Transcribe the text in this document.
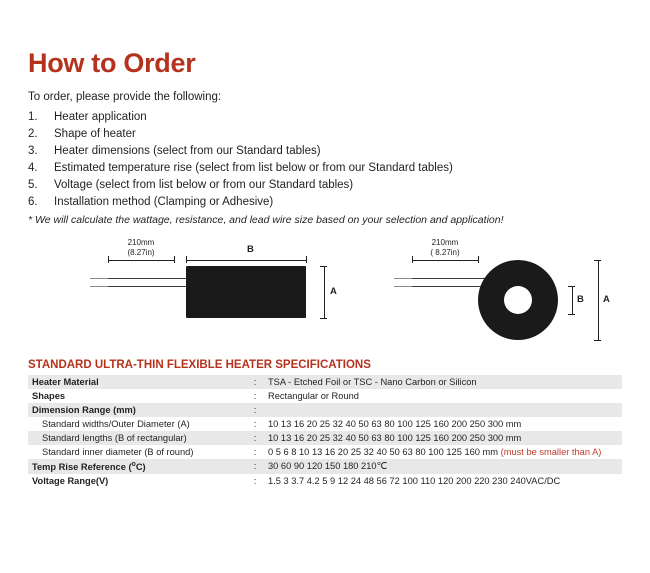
How to Order
To order, please provide the following:
1.	Heater application
2.	Shape of heater
3.	Heater dimensions (select from our Standard tables)
4.	Estimated temperature rise (select from list below or from our Standard tables)
5.	Voltage (select from list below or from our Standard tables)
6.	Installation method (Clamping or Adhesive)
* We will calculate the wattage, resistance, and lead wire size based on your selection and application!
210mm
(8.27in)	B
A
210mm
( 8.27in)
B A
STANDARD ULTRA-THIN FLEXIBLE HEATER SPECIFICATIONS
Heater Material	:	TSA - Etched Foil or TSC - Nano Carbon or Silicon
Shapes	:	Rectangular or Round
Dimension Range (mm)	:	
Standard widths/Outer Diameter (A)	:	10 13 16 20 25 32 40 50 63 80 100 125 160 200 250 300 mm
Standard lengths (B of rectangular)	:	10 13 16 20 25 32 40 50 63 80 100 125 160 200 250 300 mm
Standard inner diameter (B of round)	:	0 5 6 8 10 13 16 20 25 32 40 50 63 80 100 125 160 mm (must be smaller than A)
Temp Rise Reference ($^o$C)	:	30 60 90 120 150 180 210℃
Voltage Range(V)	:	1.5 3 3.7 4.2 5 9 12 24 48 56 72 100 110 120 200 220 230 240VAC/DC
